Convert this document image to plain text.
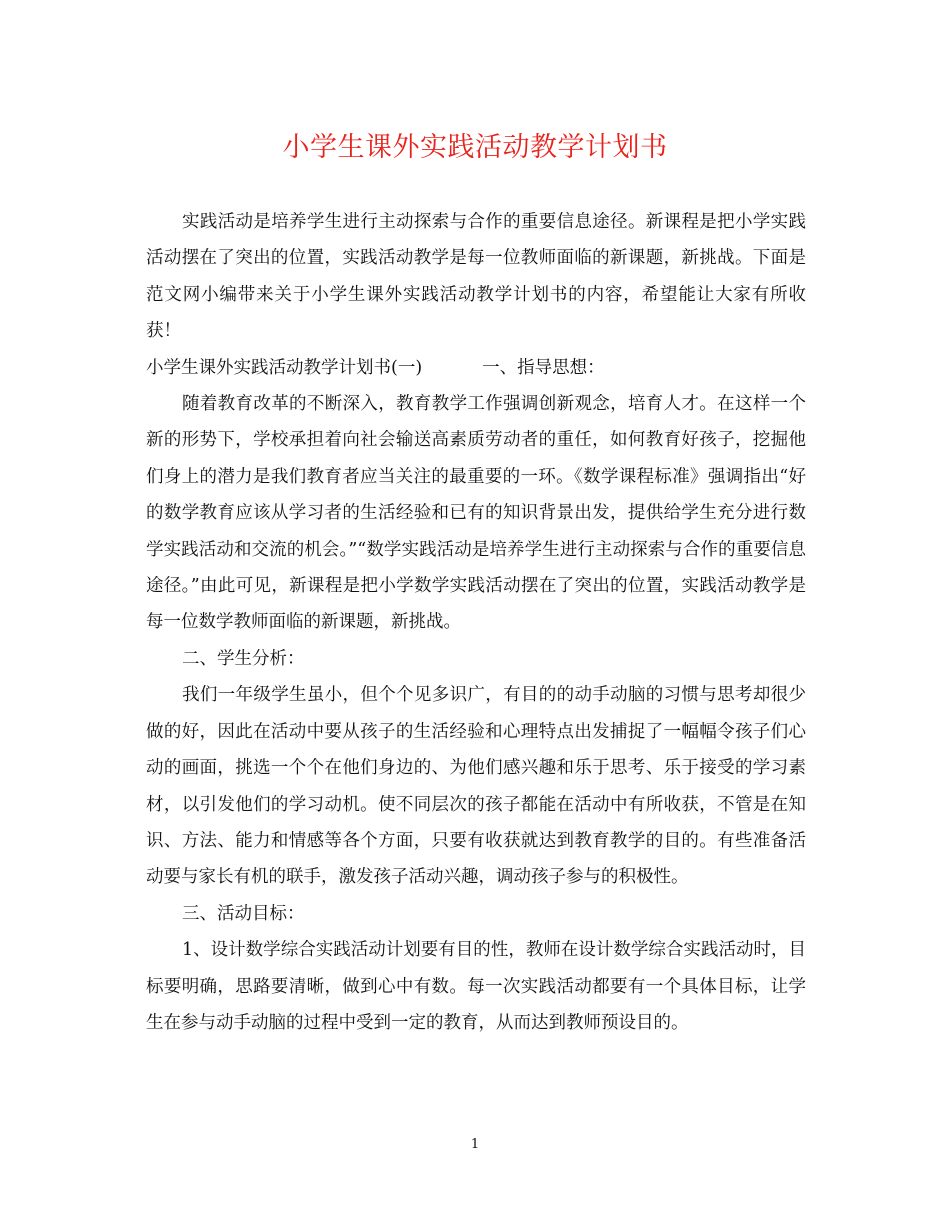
小学生课外实践活动教学计划书

实践活动是培养学生进行主动探索与合作的重要信息途径。新课程是把小学实践活动摆在了突出的位置，实践活动教学是每一位教师面临的新课题，新挑战。下面是范文网小编带来关于小学生课外实践活动教学计划书的内容，希望能让大家有所收获！

小学生课外实践活动教学计划书(一)	一、指导思想：

随着教育改革的不断深入，教育教学工作强调创新观念，培育人才。在这样一个新的形势下，学校承担着向社会输送高素质劳动者的重任，如何教育好孩子，挖掘他们身上的潜力是我们教育者应当关注的最重要的一环。《数学课程标准》强调指出“好的数学教育应该从学习者的生活经验和已有的知识背景出发，提供给学生充分进行数学实践活动和交流的机会。”“数学实践活动是培养学生进行主动探索与合作的重要信息途径。”由此可见，新课程是把小学数学实践活动摆在了突出的位置，实践活动教学是每一位数学教师面临的新课题，新挑战。

二、学生分析：

我们一年级学生虽小，但个个见多识广，有目的的动手动脑的习惯与思考却很少做的好，因此在活动中要从孩子的生活经验和心理特点出发捕捉了一幅幅令孩子们心动的画面，挑选一个个在他们身边的、为他们感兴趣和乐于思考、乐于接受的学习素材，以引发他们的学习动机。使不同层次的孩子都能在活动中有所收获，不管是在知识、方法、能力和情感等各个方面，只要有收获就达到教育教学的目的。有些准备活动要与家长有机的联手，激发孩子活动兴趣，调动孩子参与的积极性。

三、活动目标：

1、设计数学综合实践活动计划要有目的性，教师在设计数学综合实践活动时，目标要明确，思路要清晰，做到心中有数。每一次实践活动都要有一个具体目标，让学生在参与动手动脑的过程中受到一定的教育，从而达到教师预设目的。

1
